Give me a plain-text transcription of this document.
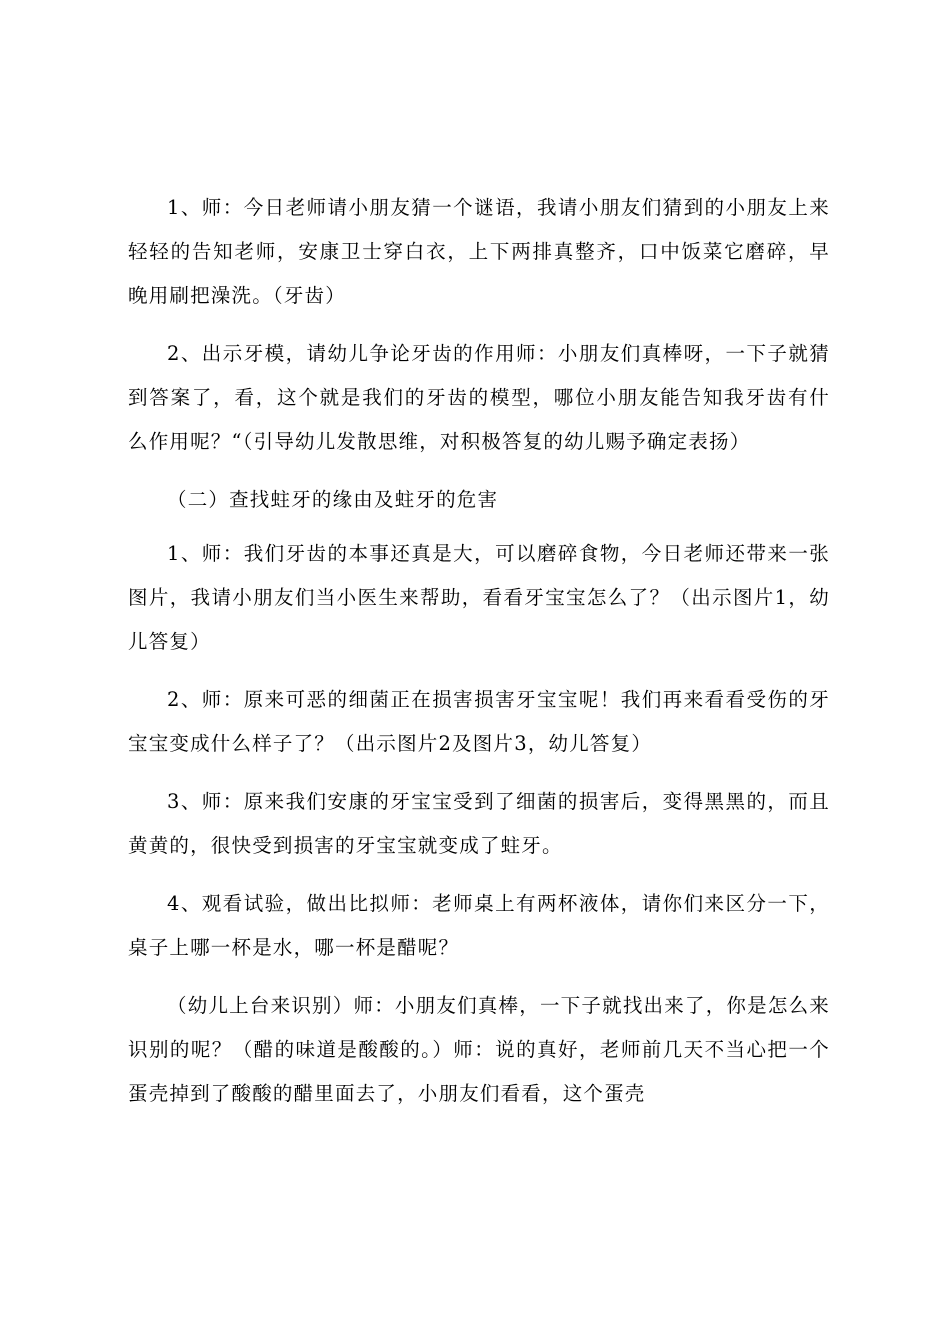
1、师：今日老师请小朋友猜一个谜语，我请小朋友们猜到的小朋友上来轻轻的告知老师，安康卫士穿白衣，上下两排真整齐，口中饭菜它磨碎，早晚用刷把澡洗。（牙齿）

2、出示牙模，请幼儿争论牙齿的作用师：小朋友们真棒呀，一下子就猜到答案了，看，这个就是我们的牙齿的模型，哪位小朋友能告知我牙齿有什么作用呢？“（引导幼儿发散思维，对积极答复的幼儿赐予确定表扬）

（二）查找蛀牙的缘由及蛀牙的危害

1、师：我们牙齿的本事还真是大，可以磨碎食物，今日老师还带来一张图片，我请小朋友们当小医生来帮助，看看牙宝宝怎么了？（出示图片1，幼儿答复）

2、师：原来可恶的细菌正在损害损害牙宝宝呢！我们再来看看受伤的牙宝宝变成什么样子了？（出示图片2及图片3，幼儿答复）

3、师：原来我们安康的牙宝宝受到了细菌的损害后，变得黑黑的，而且黄黄的，很快受到损害的牙宝宝就变成了蛀牙。

4、观看试验，做出比拟师：老师桌上有两杯液体，请你们来区分一下，桌子上哪一杯是水，哪一杯是醋呢？

（幼儿上台来识别）师：小朋友们真棒，一下子就找出来了，你是怎么来识别的呢？（醋的味道是酸酸的。）师：说的真好，老师前几天不当心把一个蛋壳掉到了酸酸的醋里面去了，小朋友们看看，这个蛋壳
